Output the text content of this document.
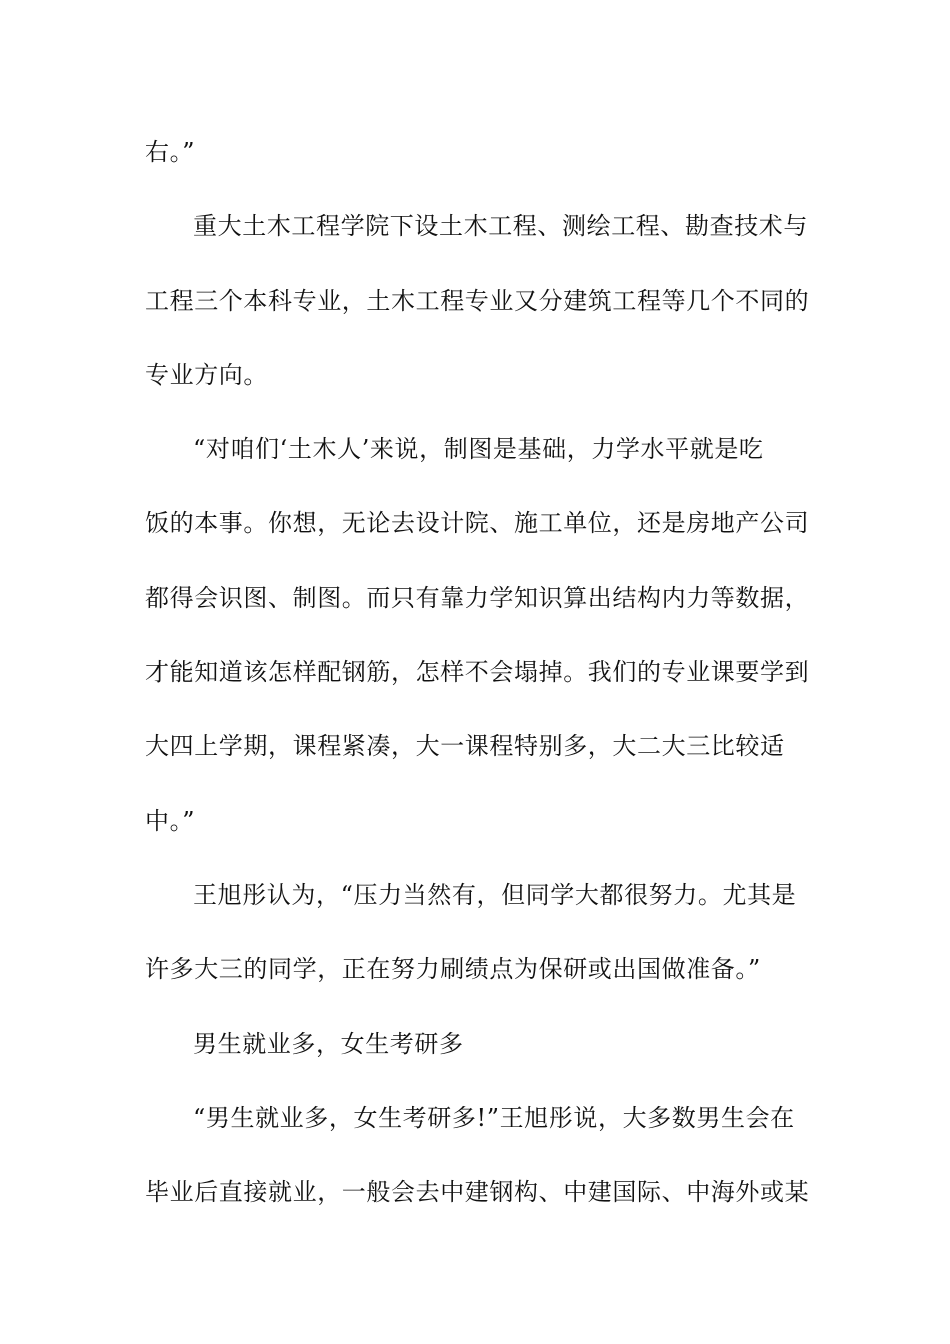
右。”
重大土木工程学院下设土木工程、测绘工程、勘查技术与
工程三个本科专业，土木工程专业又分建筑工程等几个不同的
专业方向。
“对咱们‘土木人’来说，制图是基础，力学水平就是吃
饭的本事。你想，无论去设计院、施工单位，还是房地产公司
都得会识图、制图。而只有靠力学知识算出结构内力等数据，
才能知道该怎样配钢筋，怎样不会塌掉。我们的专业课要学到
大四上学期，课程紧凑，大一课程特别多，大二大三比较适
中。”
王旭彤认为，“压力当然有，但同学大都很努力。尤其是
许多大三的同学，正在努力刷绩点为保研或出国做准备。”
男生就业多，女生考研多
“男生就业多，女生考研多!”王旭彤说，大多数男生会在
毕业后直接就业，一般会去中建钢构、中建国际、中海外或某
